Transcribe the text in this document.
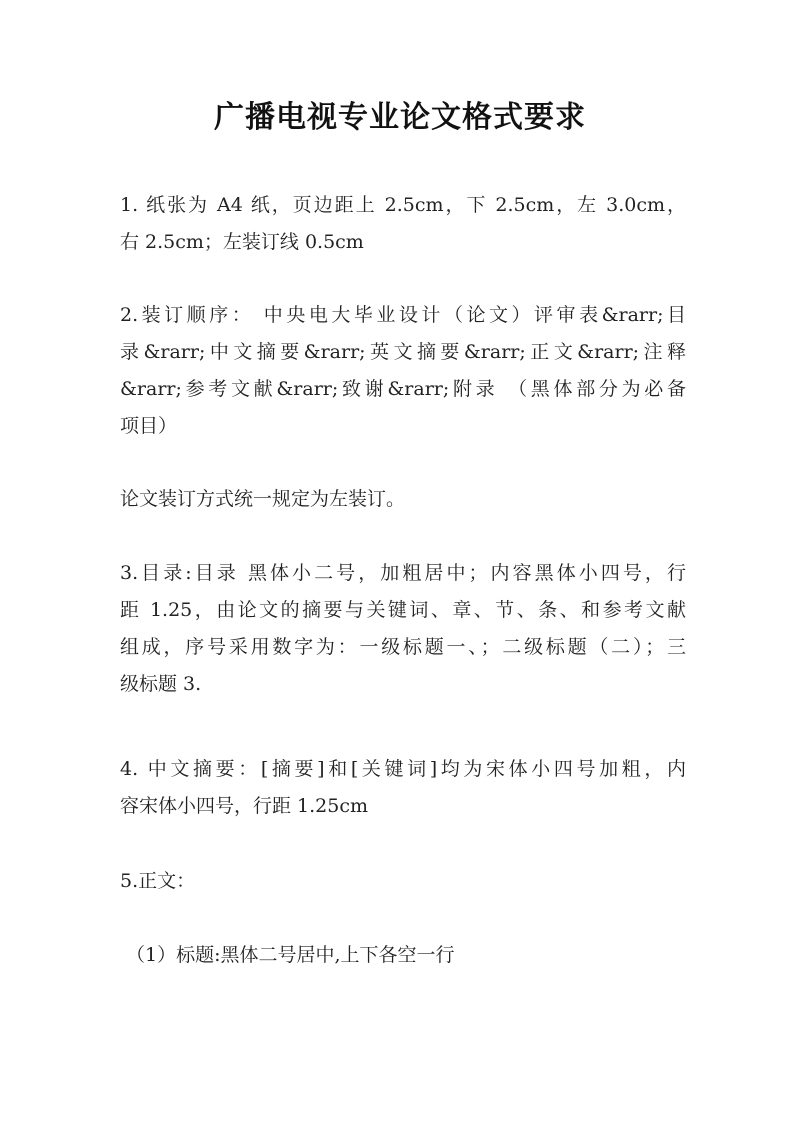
广播电视专业论文格式要求
1. 纸张为 A4 纸，页边距上 2.5cm，下 2.5cm，左 3.0cm，
右 2.5cm；左装订线 0.5cm
2.装订顺序： 中央电大毕业设计（论文）评审表&rarr;目
录&rarr;中文摘要&rarr;英文摘要&rarr;正文&rarr;注释
&rarr;参考文献&rarr;致谢&rarr;附录 （黑体部分为必备
项目）
论文装订方式统一规定为左装订。
3.目录:目录 黑体小二号，加粗居中；内容黑体小四号，行
距 1.25，由论文的摘要与关键词、章、节、条、和参考文献
组成，序号采用数字为：一级标题一、；二级标题（二）；三
级标题 3.
4. 中文摘要：[摘要]和[关键词]均为宋体小四号加粗，内
容宋体小四号，行距 1.25cm
5.正文：
（1）标题:黑体二号居中,上下各空一行
